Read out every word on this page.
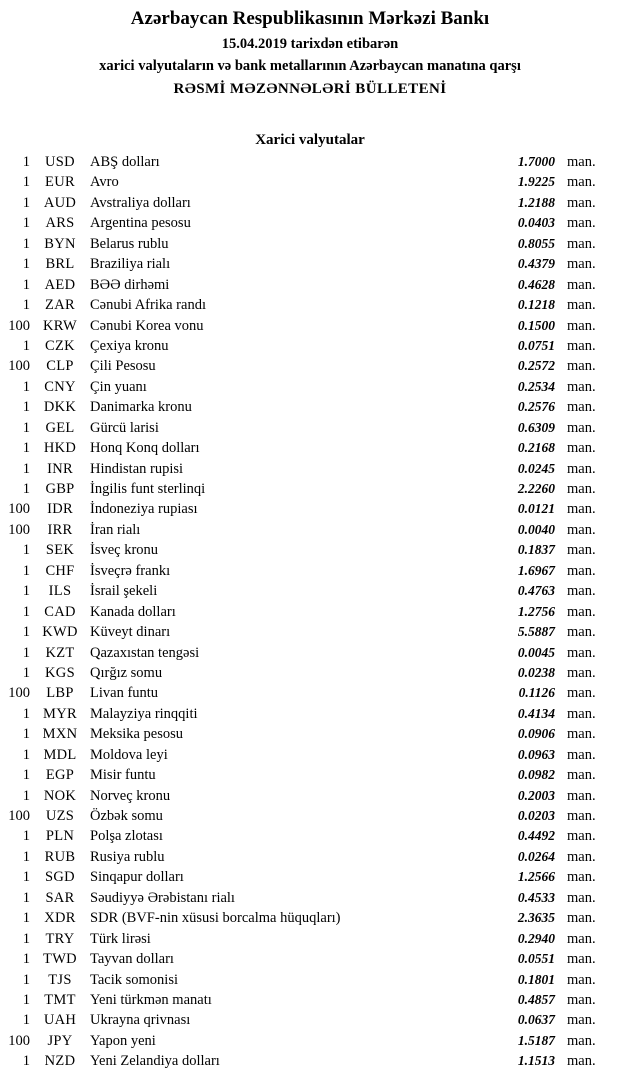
Azərbaycan Respublikasının Mərkəzi Bankı
15.04.2019 tarixdən etibarən
xarici valyutaların və bank metallarının Azərbaycan manatına qarşı
RƏSMİ MƏZƏNNƏLƏRİ BÜLLETENİ
Xarici valyutalar
1	USD	ABŞ dolları	1.7000 man.
1	EUR	Avro	1.9225 man.
1 AUD Avstraliya dolları	1.2188 man.
1	ARS	Argentina pesosu	0.0403 man.
1 BYN Belarus rublu	0.8055 man.
1	BRL	Braziliya rialı	0.4379 man.
1	AED	BƏƏ dirhəmi	0.4628 man.
1	ZAR	Cənubi Afrika randı	0.1218 man.
100 KRW Cənubi Korea vonu	0.1500 man.
1	CZK	Çexiya kronu	0.0751 man.
100	CLP	Çili Pesosu	0.2572 man.
1 CNY Çin yuanı	0.2534 man.
1 DKK Danimarka kronu	0.2576 man.
1	GEL	Gürcü larisi	0.6309 man.
1 HKD Honq Konq dolları	0.2168 man.
1	INR	Hindistan rupisi	0.0245 man.
1	GBP	İngilis funt sterlinqi	2.2260 man.
100	IDR	İndoneziya rupiası	0.0121 man.
100	IRR	İran rialı	0.0040 man.
1	SEK	İsveç kronu	0.1837 man.
1	CHF	İsveçrə frankı	1.6967 man.
1	ILS	İsrail şekeli	0.4763 man.
1 CAD Kanada dolları	1.2756 man.
1 KWD Küveyt dinarı	5.5887 man.
1	KZT	Qazaxıstan tengəsi	0.0045 man.
1	KGS	Qırğız somu	0.0238 man.
100	LBP	Livan funtu	0.1126 man.
1 MYR Malayziya rinqqiti	0.4134 man.
1 MXN Meksika pesosu	0.0906 man.
1 MDL Moldova leyi	0.0963 man.
1	EGP	Misir funtu	0.0982 man.
1 NOK Norveç kronu	0.2003 man.
100	UZS	Özbək somu	0.0203 man.
1	PLN	Polşa zlotası	0.4492 man.
1	RUB	Rusiya rublu	0.0264 man.
1	SGD	Sinqapur dolları	1.2566 man.
1	SAR	Səudiyyə Ərəbistanı rialı	0.4533 man.
1 XDR SDR (BVF-nin xüsusi borcalma hüquqları)	2.3635 man.
1	TRY	Türk lirəsi	0.2940 man.
1 TWD Tayvan dolları	0.0551 man.
1	TJS	Tacik somonisi	0.1801 man.
1 TMT Yeni türkmən manatı	0.4857 man.
1 UAH Ukrayna qrivnası	0.0637 man.
100	JPY	Yapon yeni	1.5187 man.
1	NZD	Yeni Zelandiya dolları	1.1513 man.
